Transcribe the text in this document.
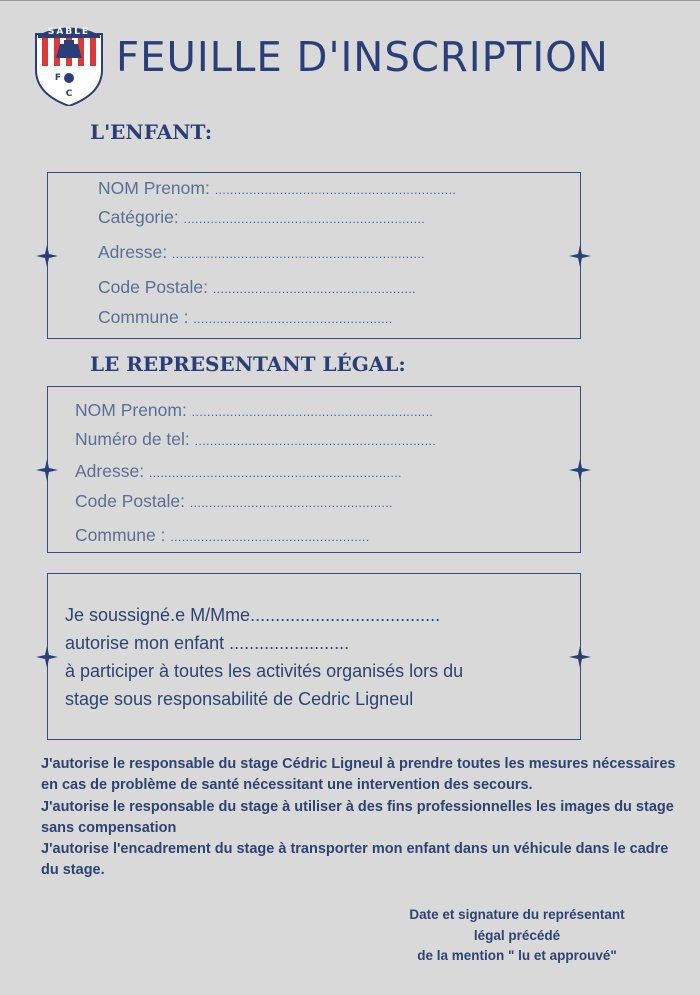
SABLE
F
C
FEUILLE D'INSCRIPTION
L'ENFANT:
NOM Prenom: ...............................................................
Catégorie: ...............................................................
Adresse: ..................................................................
Code Postale: .....................................................
Commune : ....................................................
LE REPRESENTANT LÉGAL:
NOM Prenom: ...............................................................
Numéro de tel: ...............................................................
Adresse: ..................................................................
Code Postale: .....................................................
Commune : ....................................................
Je soussigné.e M/Mme......................................
autorise mon enfant ........................
à participer à toutes les activités organisés lors du
stage sous responsabilité de Cedric Ligneul

J'autorise le responsable du stage Cédric Ligneul à prendre toutes les mesures nécessaires en cas de problème de santé nécessitant une intervention des secours.

J'autorise le responsable du stage à utiliser à des fins professionnelles les images du stage sans compensation

J'autorise l'encadrement du stage à transporter mon enfant dans un véhicule dans le cadre du stage.

Date et signature du représentant
légal précédé
de la mention " lu et approuvé"
